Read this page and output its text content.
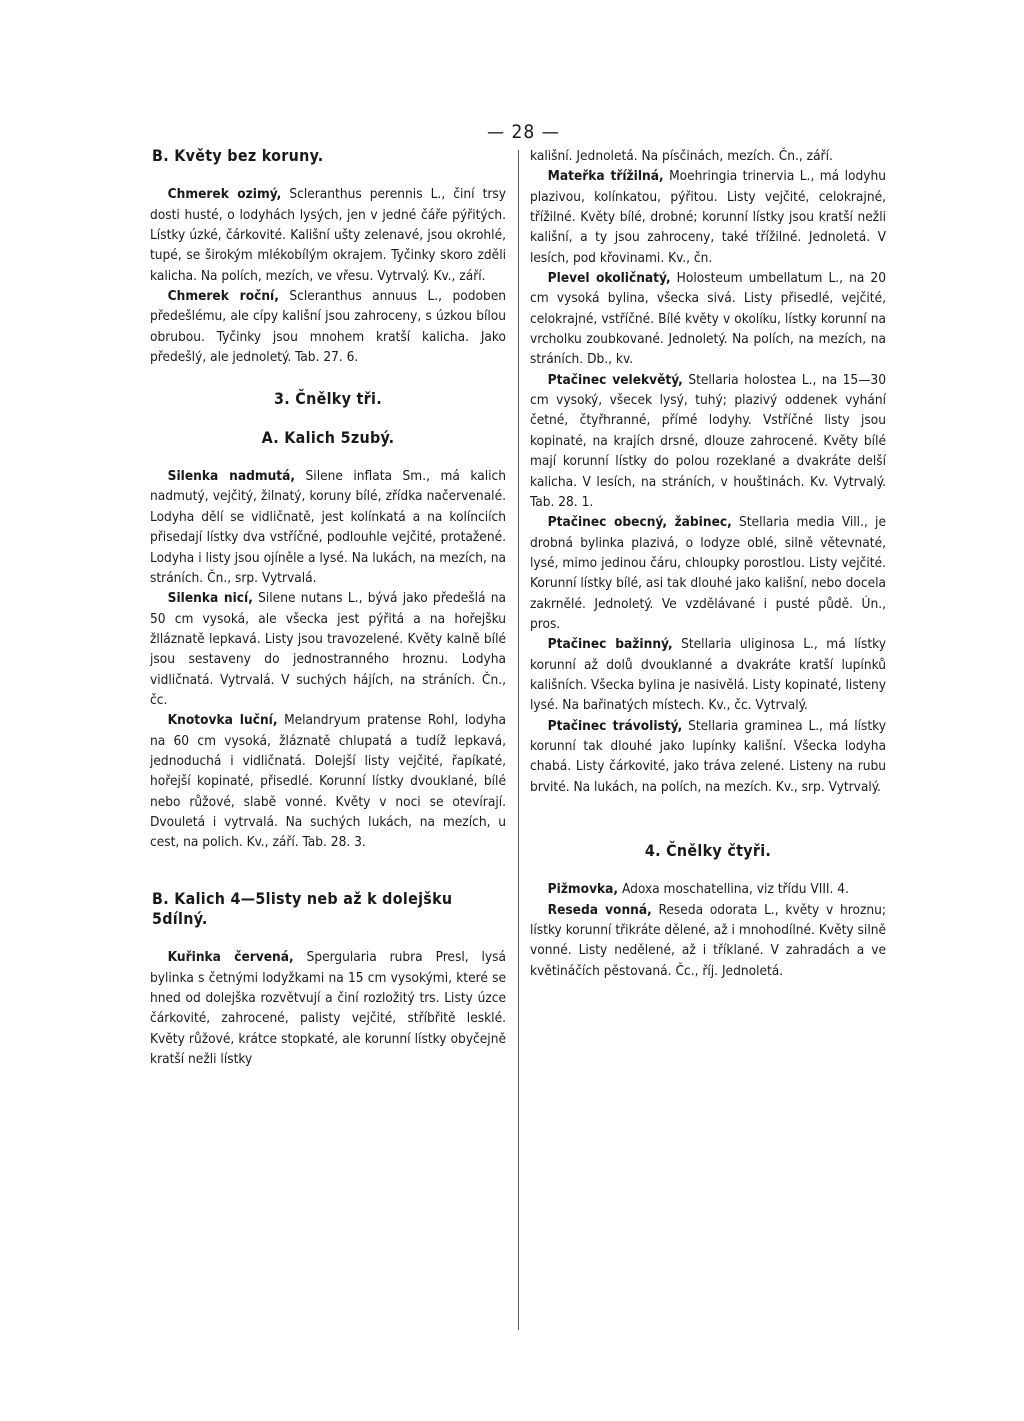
— 28 —
B. Květy bez koruny.

Chmerek ozimý, Scleranthus perennis L., činí trsy dosti husté, o lodyhách lysých, jen v jedné čáře pýřitých. Lístky úzké, čárkovité. Kališní ušty zelenavé, jsou okrohlé, tupé, se širokým mlékobílým okrajem. Tyčinky skoro zděli kalicha. Na polích, mezích, ve vřesu. Vytrvalý. Kv., září.

Chmerek roční, Scleranthus annuus L., podoben předešlému, ale cípy kališní jsou zahroceny, s úzkou bílou obrubou. Tyčinky jsou mnohem kratší kalicha. Jako předešlý, ale jednoletý. Tab. 27. 6.

3. Čnělky tři.
A. Kalich 5zubý.

Silenka nadmutá, Silene inflata Sm., má kalich nadmutý, vejčitý, žilnatý, koruny bílé, zřídka načervenalé. Lodyha dělí se vidličnatě, jest kolínkatá a na kolínciích přisedají lístky dva vstříčné, podlouhle vejčité, protažené. Lodyha i listy jsou ojíněle a lysé. Na lukách, na mezích, na stráních. Čn., srp. Vytrvalá.

Silenka nicí, Silene nutans L., bývá jako předešlá na 50 cm vysoká, ale všecka jest pýřitá a na hořejšku žlláznatě lepkavá. Listy jsou travozelené. Květy kalně bílé jsou sestaveny do jednostranného hroznu. Lodyha vidličnatá. Vytrvalá. V suchých hájích, na stráních. Čn., čc.

Knotovka luční, Melandryum pratense Rohl, lodyha na 60 cm vysoká, žláznatě chlupatá a tudíž lepkavá, jednoduchá i vidličnatá. Dolejší listy vejčité, řapíkaté, hořejší kopinaté, přisedlé. Korunní lístky dvouklané, bílé nebo růžové, slabě vonné. Květy v noci se otevírají. Dvouletá i vytrvalá. Na suchých lukách, na mezích, u cest, na polich. Kv., září. Tab. 28. 3.

B. Kalich 4—5listy neb až k dolejšku 5dílný.

Kuřinka červená, Spergularia rubra Presl, lysá bylinka s četnými lodyžkami na 15 cm vysokými, které se hned od dolejška rozvětvují a činí rozložitý trs. Listy úzce čárkovité, zahrocené, palisty vejčité, stříbřitě lesklé. Květy růžové, krátce stopkaté, ale korunní lístky obyčejně kratší nežli lístky

kališní. Jednoletá. Na písčinách, mezích. Čn., září.

Mateřka třížilná, Moehringia trinervia L., má lodyhu plazivou, kolínkatou, pýřitou. Listy vejčité, celokrajné, třížilné. Květy bílé, drobné; korunní lístky jsou kratší nežli kališní, a ty jsou zahroceny, také třížilné. Jednoletá. V lesích, pod křovinami. Kv., čn.

Plevel okoličnatý, Holosteum umbellatum L., na 20 cm vysoká bylina, všecka sivá. Listy přisedlé, vejčité, celokrajné, vstříčné. Bílé květy v okolíku, lístky korunní na vrcholku zoubkované. Jednoletý. Na polích, na mezích, na stráních. Db., kv.

Ptačinec velekvětý, Stellaria holostea L., na 15—30 cm vysoký, všecek lysý, tuhý; plazivý oddenek vyhání četné, čtyřhranné, přímé lodyhy. Vstříčné listy jsou kopinaté, na krajích drsné, dlouze zahrocené. Květy bílé mají korunní lístky do polou rozeklané a dvakráte delší kalicha. V lesích, na stráních, v houštinách. Kv. Vytrvalý. Tab. 28. 1.

Ptačinec obecný, žabinec, Stellaria media Vill., je drobná bylinka plazivá, o lodyze oblé, silně větevnaté, lysé, mimo jedinou čáru, chloupky porostlou. Listy vejčité. Korunní lístky bílé, asi tak dlouhé jako kališní, nebo docela zakrnělé. Jednoletý. Ve vzdělávané i pusté půdě. Ún., pros.

Ptačinec bažinný, Stellaria uliginosa L., má lístky korunní až dolů dvouklanné a dvakráte kratší lupínků kališních. Všecka bylina je nasivělá. Listy kopinaté, listeny lysé. Na bařinatých místech. Kv., čc. Vytrvalý.

Ptačinec trávolistý, Stellaria graminea L., má lístky korunní tak dlouhé jako lupínky kališní. Všecka lodyha chabá. Listy čárkovité, jako tráva zelené. Listeny na rubu brvité. Na lukách, na polích, na mezích. Kv., srp. Vytrvalý.

4. Čnělky čtyři.

Pižmovka, Adoxa moschatellina, viz třídu VIII. 4.

Reseda vonná, Reseda odorata L., květy v hroznu; lístky korunní třikráte dělené, až i mnohodílné. Květy silně vonné. Listy nedělené, až i tříklané. V zahradách a ve květináčích pěstovaná. Čc., říj. Jednoletá.
